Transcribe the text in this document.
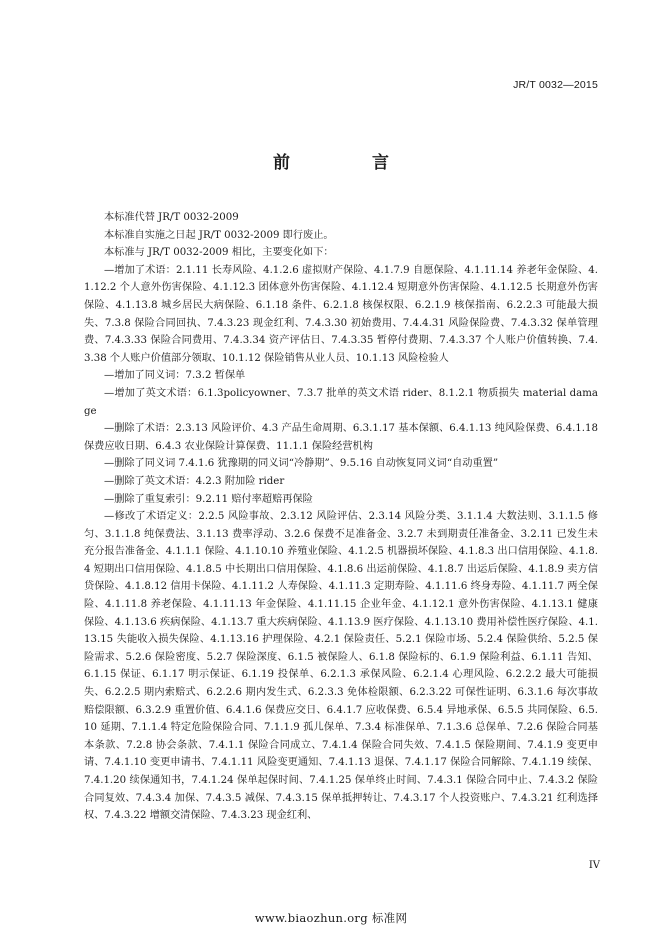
JR/T 0032—2015
前 言

本标准代替 JR/T 0032-2009

本标准自实施之日起 JR/T 0032-2009 即行废止。

本标准与 JR/T 0032-2009 相比，主要变化如下：

—增加了术语：2.1.11 长寿风险、4.1.2.6 虚拟财产保险、4.1.7.9 自愿保险、4.1.11.14 养老年金保险、4.1.12.2 个人意外伤害保险、4.1.12.3 团体意外伤害保险、4.1.12.4 短期意外伤害保险、4.1.12.5 长期意外伤害保险、4.1.13.8 城乡居民大病保险、6.1.18 条件、6.2.1.8 核保权限、6.2.1.9 核保指南、6.2.2.3 可能最大损失、7.3.8 保险合同回执、7.4.3.23 现金红利、7.4.3.30 初始费用、7.4.4.31 风险保险费、7.4.3.32 保单管理费、7.4.3.33 保险合同费用、7.4.3.34 资产评估日、7.4.3.35 暂停付费期、7.4.3.37 个人账户价值转换、7.4.3.38 个人账户价值部分领取、10.1.12 保险销售从业人员、10.1.13 风险检验人

—增加了同义词：7.3.2 暂保单

—增加了英文术语：6.1.3policyowner、7.3.7 批单的英文术语 rider、8.1.2.1 物质损失 material damage

—删除了术语：2.3.13 风险评价、4.3 产品生命周期、6.3.1.17 基本保额、6.4.1.13 纯风险保费、6.4.1.18 保费应收日期、6.4.3 农业保险计算保费、11.1.1 保险经营机构

—删除了同义词 7.4.1.6 犹豫期的同义词“冷静期”、9.5.16 自动恢复同义词“自动重置”

—删除了英文术语：4.2.3 附加险 rider

—删除了重复索引：9.2.11 赔付率超赔再保险

—修改了术语定义：2.2.5 风险事故、2.3.12 风险评估、2.3.14 风险分类、3.1.1.4 大数法则、3.1.1.5 修匀、3.1.1.8 纯保费法、3.1.13 费率浮动、3.2.6 保费不足准备金、3.2.7 未到期责任准备金、3.2.11 已发生未充分报告准备金、4.1.1.1 保险、4.1.10.10 养殖业保险、4.1.2.5 机器损坏保险、4.1.8.3 出口信用保险、4.1.8.4 短期出口信用保险、4.1.8.5 中长期出口信用保险、4.1.8.6 出运前保险、4.1.8.7 出运后保险、4.1.8.9 卖方信贷保险、4.1.8.12 信用卡保险、4.1.11.2 人寿保险、4.1.11.3 定期寿险、4.1.11.6 终身寿险、4.1.11.7 两全保险、4.1.11.8 养老保险、4.1.11.13 年金保险、4.1.11.15 企业年金、4.1.12.1 意外伤害保险、4.1.13.1 健康保险、4.1.13.6 疾病保险、4.1.13.7 重大疾病保险、4.1.13.9 医疗保险、4.1.13.10 费用补偿性医疗保险、4.1.13.15 失能收入损失保险、4.1.13.16 护理保险、4.2.1 保险责任、5.2.1 保险市场、5.2.4 保险供给、5.2.5 保险需求、5.2.6 保险密度、5.2.7 保险深度、6.1.5 被保险人、6.1.8 保险标的、6.1.9 保险利益、6.1.11 告知、6.1.15 保证、6.1.17 明示保证、6.1.19 投保单、6.2.1.3 承保风险、6.2.1.4 心理风险、6.2.2.2 最大可能损失、6.2.2.5 期内索赔式、6.2.2.6 期内发生式、6.2.3.3 免体检限额、6.2.3.22 可保性证明、6.3.1.6 每次事故赔偿限额、6.3.2.9 重置价值、6.4.1.6 保费应交日、6.4.1.7 应收保费、6.5.4 异地承保、6.5.5 共同保险、6.5.10 延期、7.1.1.4 特定危险保险合同、7.1.1.9 孤儿保单、7.3.4 标准保单、7.1.3.6 总保单、7.2.6 保险合同基本条款、7.2.8 协会条款、7.4.1.1 保险合同成立、7.4.1.4 保险合同失效、7.4.1.5 保险期间、7.4.1.9 变更申请、7.4.1.10 变更申请书、7.4.1.11 风险变更通知、7.4.1.13 退保、7.4.1.17 保险合同解除、7.4.1.19 续保、7.4.1.20 续保通知书，7.4.1.24 保单起保时间、7.4.1.25 保单终止时间、7.4.3.1 保险合同中止、7.4.3.2 保险合同复效、7.4.3.4 加保、7.4.3.5 减保、7.4.3.15 保单抵押转让、7.4.3.17 个人投资账户、7.4.3.21 红利选择权、7.4.3.22 增额交清保险、7.4.3.23 现金红利、

IV
www.biaozhun.org 标准网
